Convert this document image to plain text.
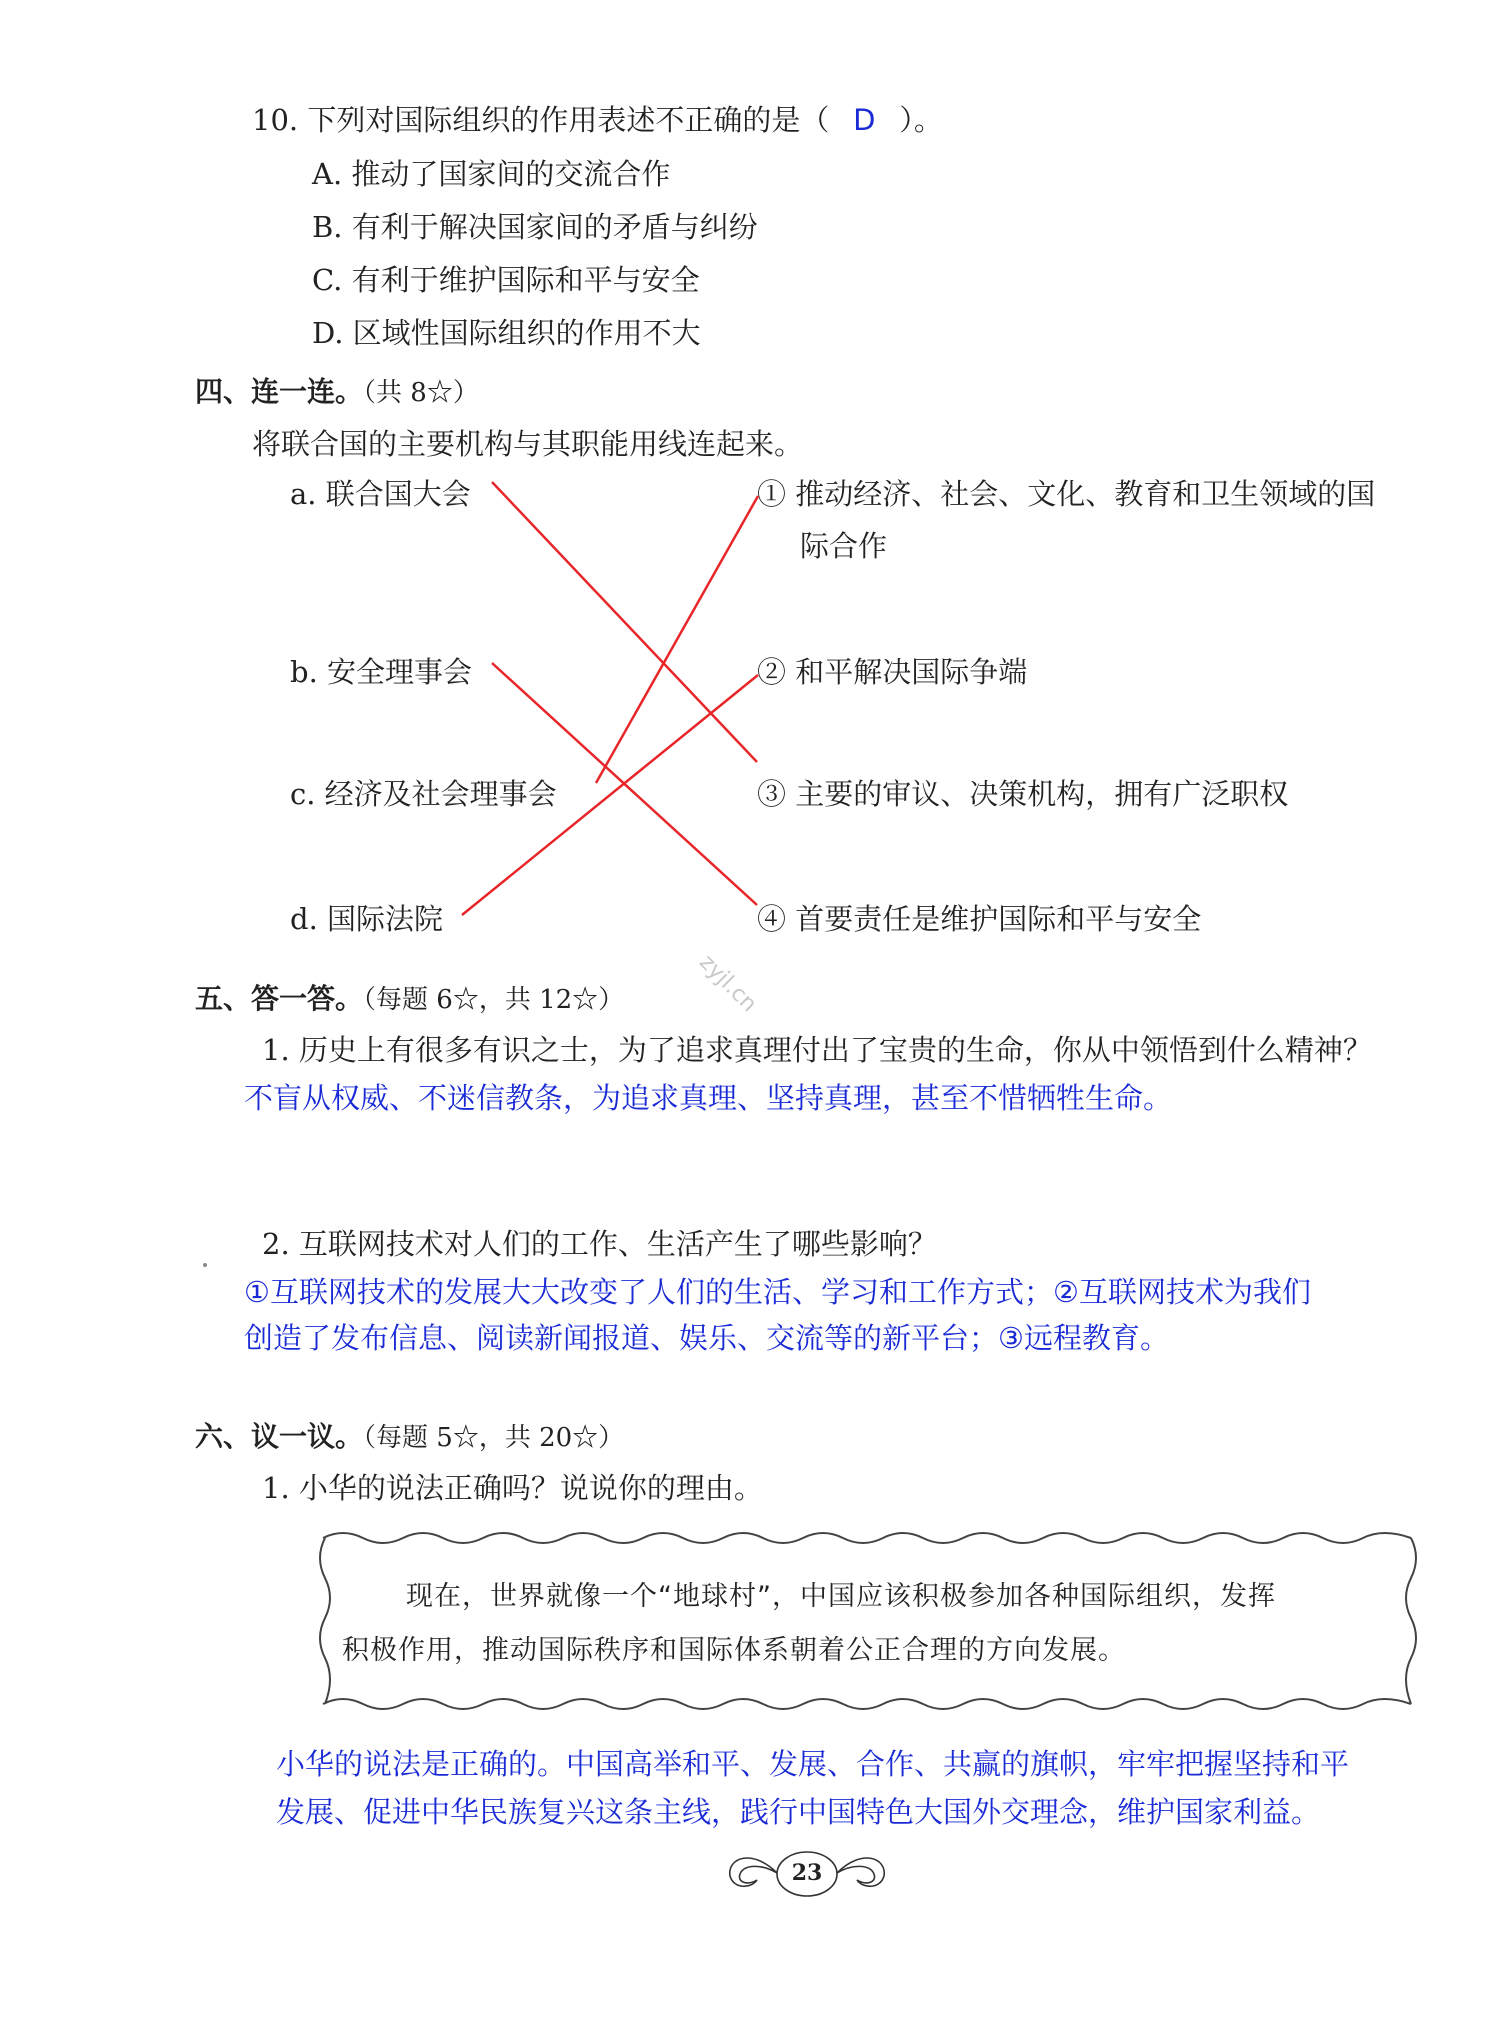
10. 下列对国际组织的作用表述不正确的是（ D ）。
A. 推动了国家间的交流合作
B. 有利于解决国家间的矛盾与纠纷
C. 有利于维护国际和平与安全
D. 区域性国际组织的作用不大
四、连一连。（共 8☆）
将联合国的主要机构与其职能用线连起来。
a. 联合国大会
b. 安全理事会
c. 经济及社会理事会
d. 国际法院
① 推动经济、社会、文化、教育和卫生领域的国
际合作
② 和平解决国际争端
③ 主要的审议、决策机构，拥有广泛职权
④ 首要责任是维护国际和平与安全
zyjl.cn
五、答一答。（每题 6☆，共 12☆）
1. 历史上有很多有识之士，为了追求真理付出了宝贵的生命，你从中领悟到什么精神？
不盲从权威、不迷信教条，为追求真理、坚持真理，甚至不惜牺牲生命。
2. 互联网技术对人们的工作、生活产生了哪些影响？
①互联网技术的发展大大改变了人们的生活、学习和工作方式；②互联网技术为我们
创造了发布信息、阅读新闻报道、娱乐、交流等的新平台；③远程教育。
六、议一议。（每题 5☆，共 20☆）
1. 小华的说法正确吗？说说你的理由。
现在，世界就像一个“地球村”，中国应该积极参加各种国际组织，发挥
积极作用，推动国际秩序和国际体系朝着公正合理的方向发展。
小华的说法是正确的。中国高举和平、发展、合作、共赢的旗帜，牢牢把握坚持和平
发展、促进中华民族复兴这条主线，践行中国特色大国外交理念，维护国家利益。
23
